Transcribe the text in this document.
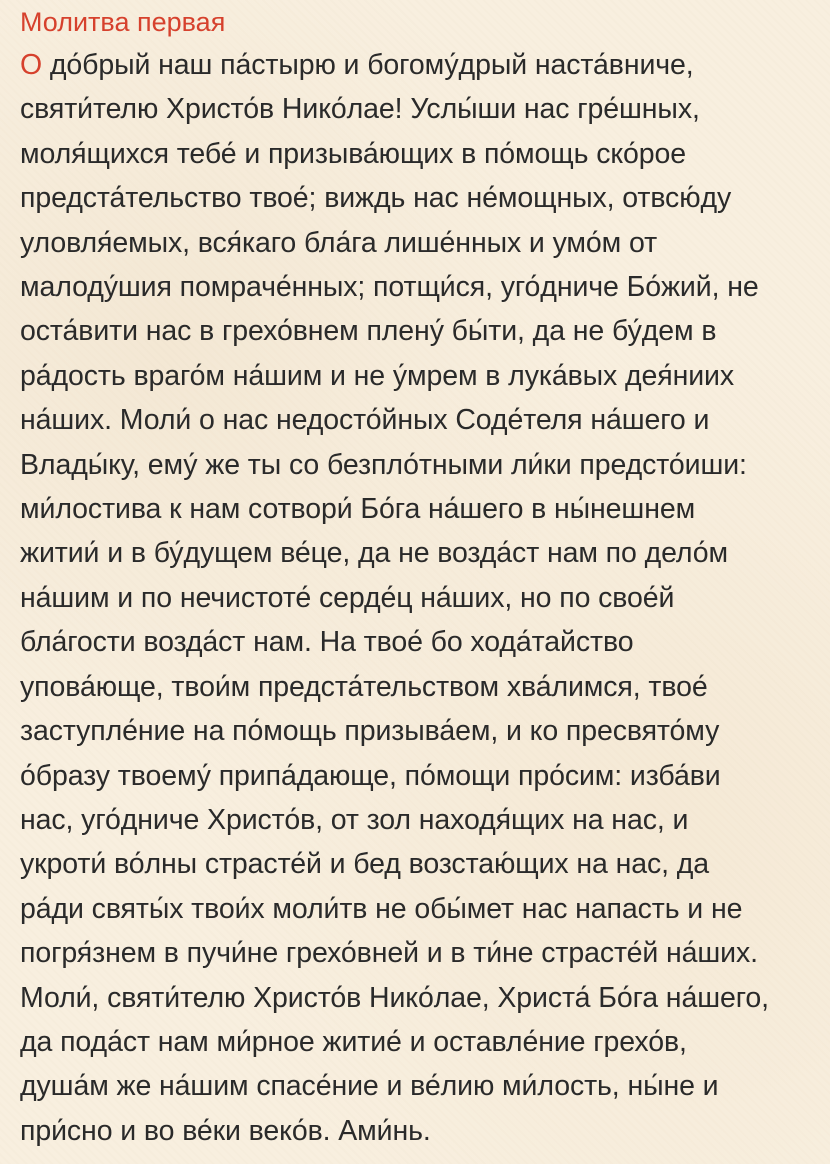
Молитва первая
О до́брый наш па́стырю и богому́дрый наста́вниче,
святи́телю Христо́в Нико́лае! Услы́ши нас гре́шных,
моля́щихся тебе́ и призыва́ющих в по́мощь ско́рое
предста́тельство твое́; виждь нас не́мощных, отвсю́ду
уловля́емых, вся́каго бла́га лише́нных и умо́м от
малоду́шия помраче́нных; потщи́ся, уго́дниче Бо́жий, не
оста́вити нас в грехо́внем плену́ бы́ти, да не бу́дем в
ра́дость враго́м на́шим и не у́мрем в лука́вых дея́ниих
на́ших. Моли́ о нас недосто́йных Соде́теля на́шего и
Влады́ку, ему́ же ты со безпло́тными ли́ки предсто́иши:
ми́лостива к нам сотвори́ Бо́га на́шего в ны́нешнем
житии́ и в бу́дущем ве́це, да не возда́ст нам по дело́м
на́шим и по нечистоте́ серде́ц на́ших, но по свое́й
бла́гости возда́ст нам. На твое́ бо хода́тайство
упова́юще, твои́м предста́тельством хва́лимся, твое́
заступле́ние на по́мощь призыва́ем, и ко пресвято́му
о́бразу твоему́ припа́дающе, по́мощи про́сим: изба́ви
нас, уго́дниче Христо́в, от зол находя́щих на нас, и
укроти́ во́лны страсте́й и бед возстаю́щих на нас, да
ра́ди святы́х твои́х моли́тв не обы́мет нас напасть и не
погря́знем в пучи́не грехо́вней и в ти́не страсте́й на́ших.
Моли́, святи́телю Христо́в Нико́лае, Христа́ Бо́га на́шего,
да пода́ст нам ми́рное житие́ и оставле́ние грехо́в,
душа́м же на́шим спасе́ние и ве́лию ми́лость, ны́не и
при́сно и во ве́ки веко́в. Ами́нь.
